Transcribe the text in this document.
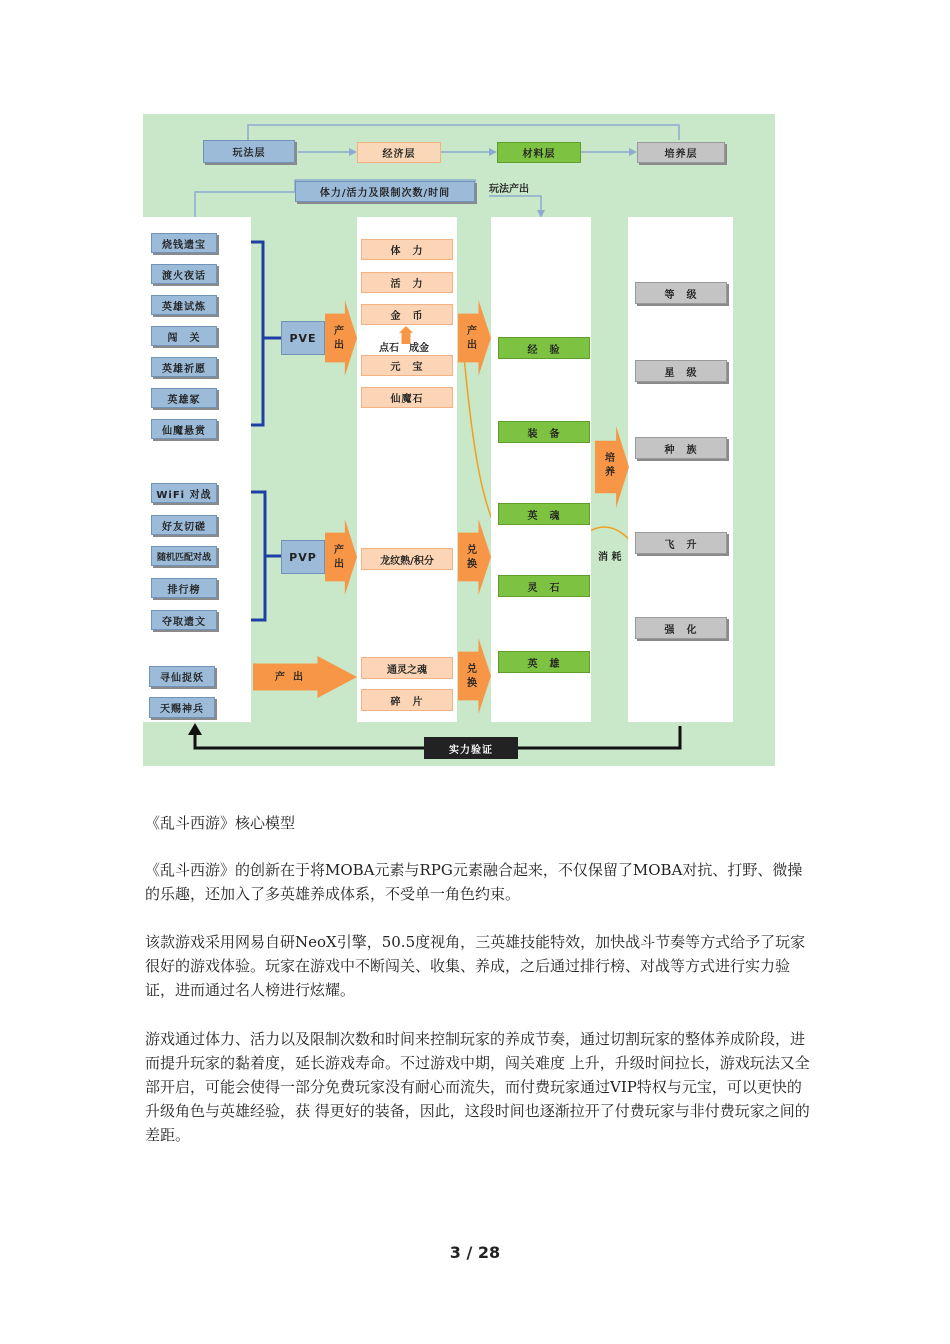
玩法层	经济层	材料层	培养层
体力/活力及限制次数/时间	玩法产出
烧钱遗宝
渡火夜话
英雄试炼
闯　关
英雄祈愿
英雄冢
仙魔悬赏
WiFi 对战
好友切磋
随机匹配对战
排行榜
夺取遗文
寻仙捉妖
天赐神兵
PVE
PVP
产出
产出
产出
体　力
活　力
金　币
点石　成金
元　宝
仙魔石
龙纹熟/积分
通灵之魂
碎　片
产出
兑换
兑换
经　验
装　备
英　魂
灵　石
英　雄
培养
消 耗
等　级
星　级
种　族
飞　升
强　化
实力验证
《乱斗西游》核心模型

《乱斗西游》的创新在于将MOBA元素与RPG元素融合起来，不仅保留了MOBA对抗、打野、微操的乐趣，还加入了多英雄养成体系，不受单一角色约束。

该款游戏采用网易自研NeoX引擎，50.5度视角，三英雄技能特效，加快战斗节奏等方式给予了玩家很好的游戏体验。玩家在游戏中不断闯关、收集、养成，之后通过排行榜、对战等方式进行实力验证，进而通过名人榜进行炫耀。

游戏通过体力、活力以及限制次数和时间来控制玩家的养成节奏，通过切割玩家的整体养成阶段，进而提升玩家的黏着度，延长游戏寿命。不过游戏中期，闯关难度 上升，升级时间拉长，游戏玩法又全部开启，可能会使得一部分免费玩家没有耐心而流失，而付费玩家通过VIP特权与元宝，可以更快的升级角色与英雄经验，获 得更好的装备，因此，这段时间也逐渐拉开了付费玩家与非付费玩家之间的差距。

3 / 28
